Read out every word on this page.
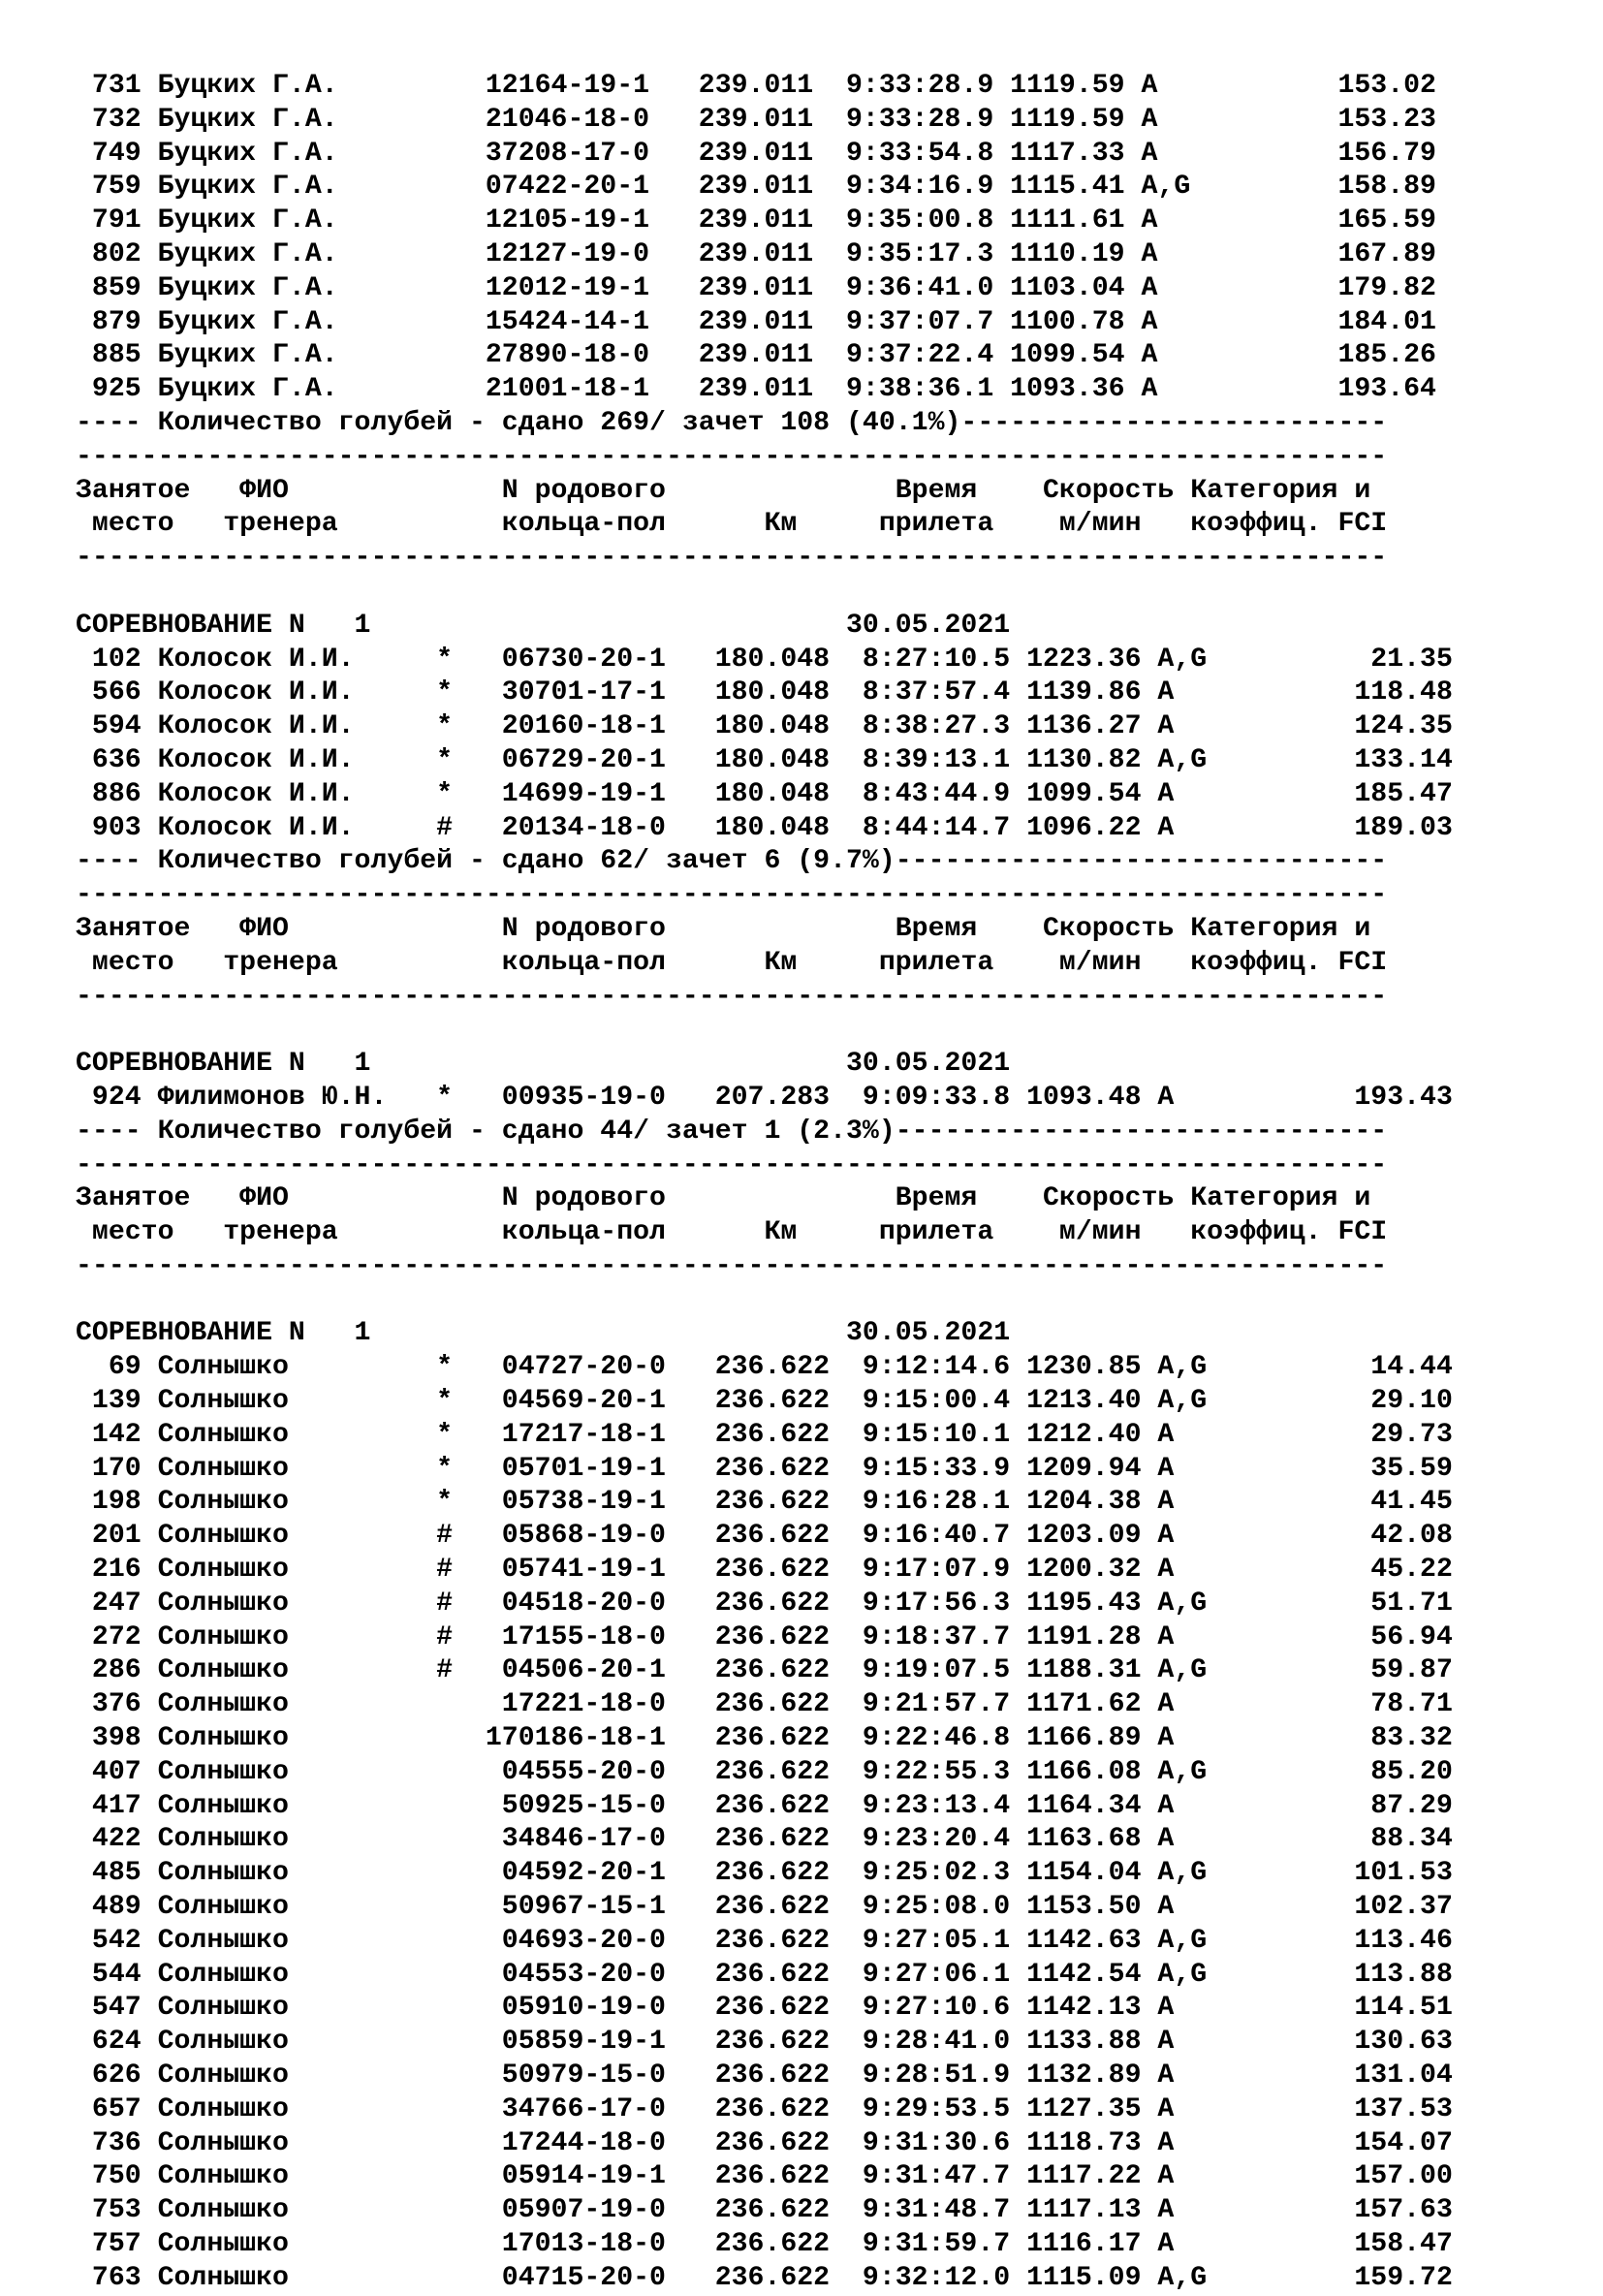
731 Буцких Г.А.         12164-19-1   239.011  9:33:28.9 1119.59 A           153.02
732 Буцких Г.А.         21046-18-0   239.011  9:33:28.9 1119.59 A           153.23
749 Буцких Г.А.         37208-17-0   239.011  9:33:54.8 1117.33 A           156.79
759 Буцких Г.А.         07422-20-1   239.011  9:34:16.9 1115.41 A,G         158.89
791 Буцких Г.А.         12105-19-1   239.011  9:35:00.8 1111.61 A           165.59
802 Буцких Г.А.         12127-19-0   239.011  9:35:17.3 1110.19 A           167.89
859 Буцких Г.А.         12012-19-1   239.011  9:36:41.0 1103.04 A           179.82
879 Буцких Г.А.         15424-14-1   239.011  9:37:07.7 1100.78 A           184.01
885 Буцких Г.А.         27890-18-0   239.011  9:37:22.4 1099.54 A           185.26
925 Буцких Г.А.         21001-18-1   239.011  9:38:36.1 1093.36 A           193.64
---- Количество голубей - сдано 269/ зачет 108 (40.1%)--------------------------
--------------------------------------------------------------------------------
Занятое   ФИО             N родового              Время    Скорость Категория и
место   тренера          кольца-пол      Км     прилета    м/мин   коэффиц. FCI
--------------------------------------------------------------------------------
СОРЕВНОВАНИЕ N   1                             30.05.2021
102 Колосок И.И.     *   06730-20-1   180.048  8:27:10.5 1223.36 A,G          21.35
566 Колосок И.И.     *   30701-17-1   180.048  8:37:57.4 1139.86 A           118.48
594 Колосок И.И.     *   20160-18-1   180.048  8:38:27.3 1136.27 A           124.35
636 Колосок И.И.     *   06729-20-1   180.048  8:39:13.1 1130.82 A,G         133.14
886 Колосок И.И.     *   14699-19-1   180.048  8:43:44.9 1099.54 A           185.47
903 Колосок И.И.     #   20134-18-0   180.048  8:44:14.7 1096.22 A           189.03
---- Количество голубей - сдано 62/ зачет 6 (9.7%)------------------------------
--------------------------------------------------------------------------------
Занятое   ФИО             N родового              Время    Скорость Категория и
место   тренера          кольца-пол      Км     прилета    м/мин   коэффиц. FCI
--------------------------------------------------------------------------------
СОРЕВНОВАНИЕ N   1                             30.05.2021
924 Филимонов Ю.Н.   *   00935-19-0   207.283  9:09:33.8 1093.48 A           193.43
---- Количество голубей - сдано 44/ зачет 1 (2.3%)------------------------------
--------------------------------------------------------------------------------
Занятое   ФИО             N родового              Время    Скорость Категория и
место   тренера          кольца-пол      Км     прилета    м/мин   коэффиц. FCI
--------------------------------------------------------------------------------
СОРЕВНОВАНИЕ N   1                             30.05.2021
69 Солнышко         *   04727-20-0   236.622  9:12:14.6 1230.85 A,G          14.44
139 Солнышко         *   04569-20-1   236.622  9:15:00.4 1213.40 A,G          29.10
142 Солнышко         *   17217-18-1   236.622  9:15:10.1 1212.40 A            29.73
170 Солнышко         *   05701-19-1   236.622  9:15:33.9 1209.94 A            35.59
198 Солнышко         *   05738-19-1   236.622  9:16:28.1 1204.38 A            41.45
201 Солнышко         #   05868-19-0   236.622  9:16:40.7 1203.09 A            42.08
216 Солнышко         #   05741-19-1   236.622  9:17:07.9 1200.32 A            45.22
247 Солнышко         #   04518-20-0   236.622  9:17:56.3 1195.43 A,G          51.71
272 Солнышко         #   17155-18-0   236.622  9:18:37.7 1191.28 A            56.94
286 Солнышко         #   04506-20-1   236.622  9:19:07.5 1188.31 A,G          59.87
376 Солнышко             17221-18-0   236.622  9:21:57.7 1171.62 A            78.71
398 Солнышко            170186-18-1   236.622  9:22:46.8 1166.89 A            83.32
407 Солнышко             04555-20-0   236.622  9:22:55.3 1166.08 A,G          85.20
417 Солнышко             50925-15-0   236.622  9:23:13.4 1164.34 A            87.29
422 Солнышко             34846-17-0   236.622  9:23:20.4 1163.68 A            88.34
485 Солнышко             04592-20-1   236.622  9:25:02.3 1154.04 A,G         101.53
489 Солнышко             50967-15-1   236.622  9:25:08.0 1153.50 A           102.37
542 Солнышко             04693-20-0   236.622  9:27:05.1 1142.63 A,G         113.46
544 Солнышко             04553-20-0   236.622  9:27:06.1 1142.54 A,G         113.88
547 Солнышко             05910-19-0   236.622  9:27:10.6 1142.13 A           114.51
624 Солнышко             05859-19-1   236.622  9:28:41.0 1133.88 A           130.63
626 Солнышко             50979-15-0   236.622  9:28:51.9 1132.89 A           131.04
657 Солнышко             34766-17-0   236.622  9:29:53.5 1127.35 A           137.53
736 Солнышко             17244-18-0   236.622  9:31:30.6 1118.73 A           154.07
750 Солнышко             05914-19-1   236.622  9:31:47.7 1117.22 A           157.00
753 Солнышко             05907-19-0   236.622  9:31:48.7 1117.13 A           157.63
757 Солнышко             17013-18-0   236.622  9:31:59.7 1116.17 A           158.47
763 Солнышко             04715-20-0   236.622  9:32:12.0 1115.09 A,G         159.72
